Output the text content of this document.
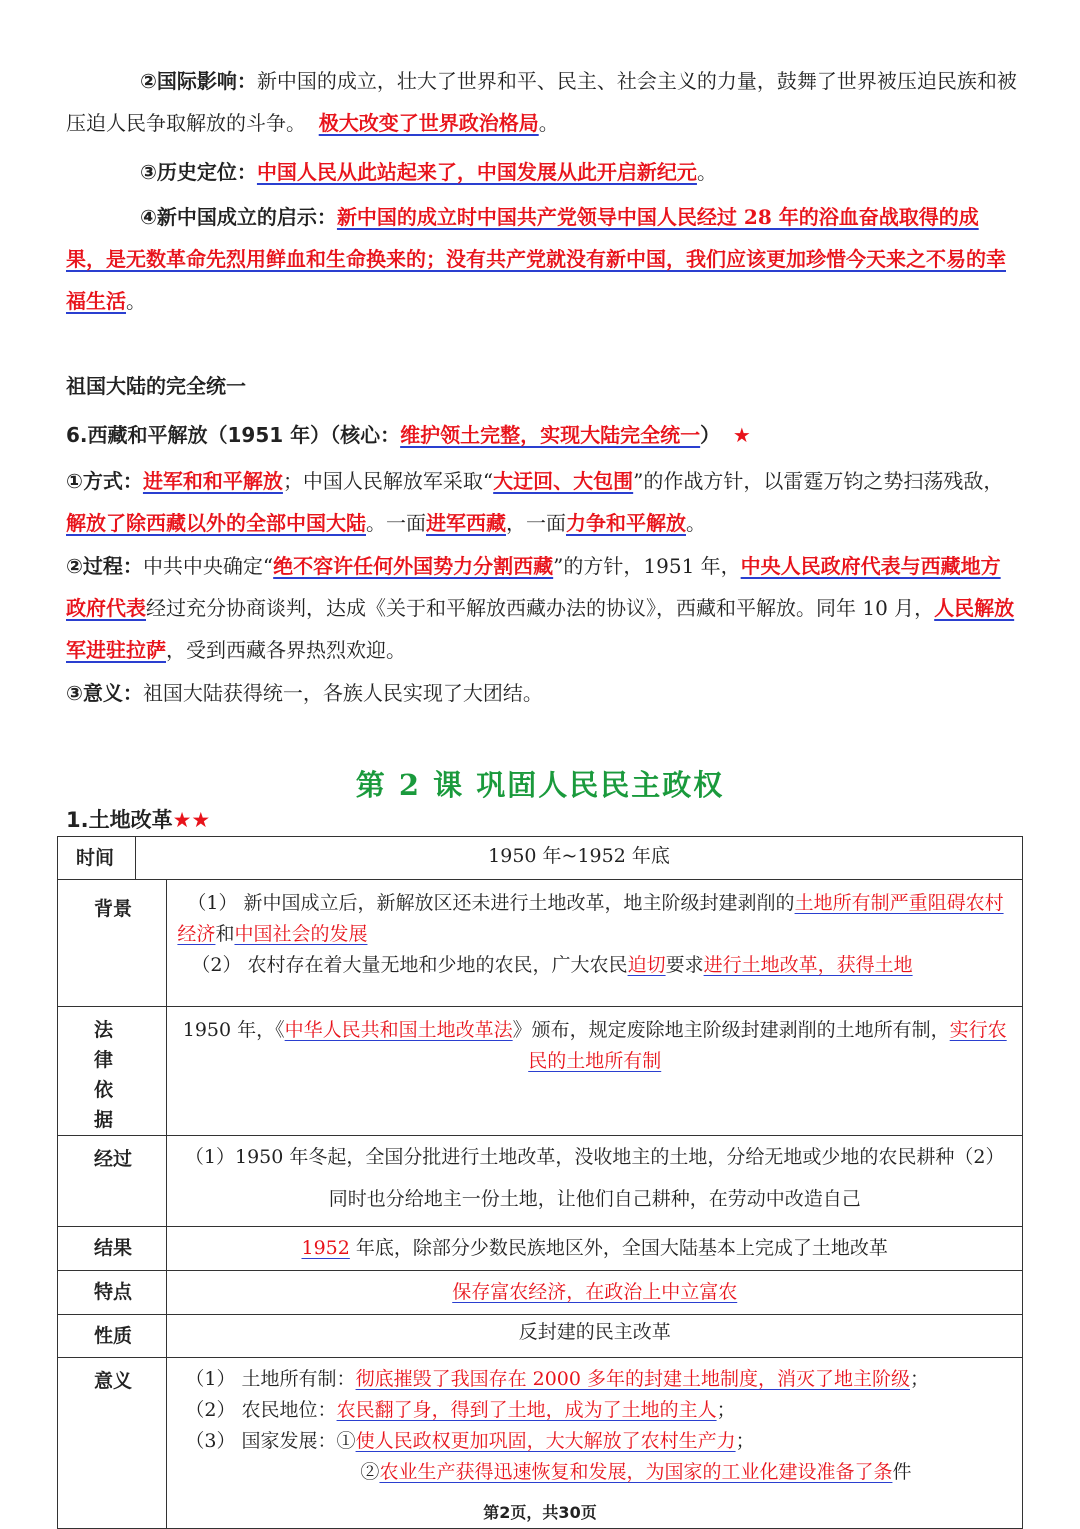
②国际影响：新中国的成立，壮大了世界和平、民主、社会主义的力量，鼓舞了世界被压迫民族和被压迫人民争取解放的斗争。 极大改变了世界政治格局。

③历史定位：中国人民从此站起来了，中国发展从此开启新纪元。

④新中国成立的启示：新中国的成立时中国共产党领导中国人民经过 28 年的浴血奋战取得的成果，是无数革命先烈用鲜血和生命换来的；没有共产党就没有新中国，我们应该更加珍惜今天来之不易的幸福生活。

祖国大陆的完全统一

6.西藏和平解放（1951 年）（核心：维护领土完整，实现大陆完全统一） ★

①方式：进军和和平解放；中国人民解放军采取“大迂回、大包围”的作战方针，以雷霆万钧之势扫荡残敌，解放了除西藏以外的全部中国大陆。一面进军西藏，一面力争和平解放。

②过程：中共中央确定“绝不容许任何外国势力分割西藏”的方针，1951 年，中央人民政府代表与西藏地方政府代表经过充分协商谈判，达成《关于和平解放西藏办法的协议》，西藏和平解放。同年 10 月，人民解放军进驻拉萨，受到西藏各界热烈欢迎。

③意义：祖国大陆获得统一，各族人民实现了大团结。

第 2 课 巩固人民民主政权
1.土地改革★★
时间	1950 年~1952 年底	
背景		（1） 新中国成立后，新解放区还未进行土地改革，地主阶级封建剥削的土地所有制严重阻碍农村经济和中国社会的发展
（2） 农村存在着大量无地和少地的农民，广大农民迫切要求进行土地改革，获得土地

法律依据		1950 年，《中华人民共和国土地改革法》颁布，规定废除地主阶级封建剥削的土地所有制，实行农民的土地所有制
经过		（1）1950 年冬起，全国分批进行土地改革，没收地主的土地，分给无地或少地的农民耕种（2）同时也分给地主一份土地，让他们自己耕种，在劳动中改造自己
结果		1952 年底，除部分少数民族地区外，全国大陆基本上完成了土地改革
特点		保存富农经济，在政治上中立富农
性质		反封建的民主改革
意义		（1） 土地所有制：彻底摧毁了我国存在 2000 多年的封建土地制度，消灭了地主阶级；
（2） 农民地位：农民翻了身，得到了土地，成为了土地的主人；
（3） 国家发展：①使人民政权更加巩固，大大解放了农村生产力；
②农业生产获得迅速恢复和发展，为国家的工业化建设准备了条件
第2页，共30页
